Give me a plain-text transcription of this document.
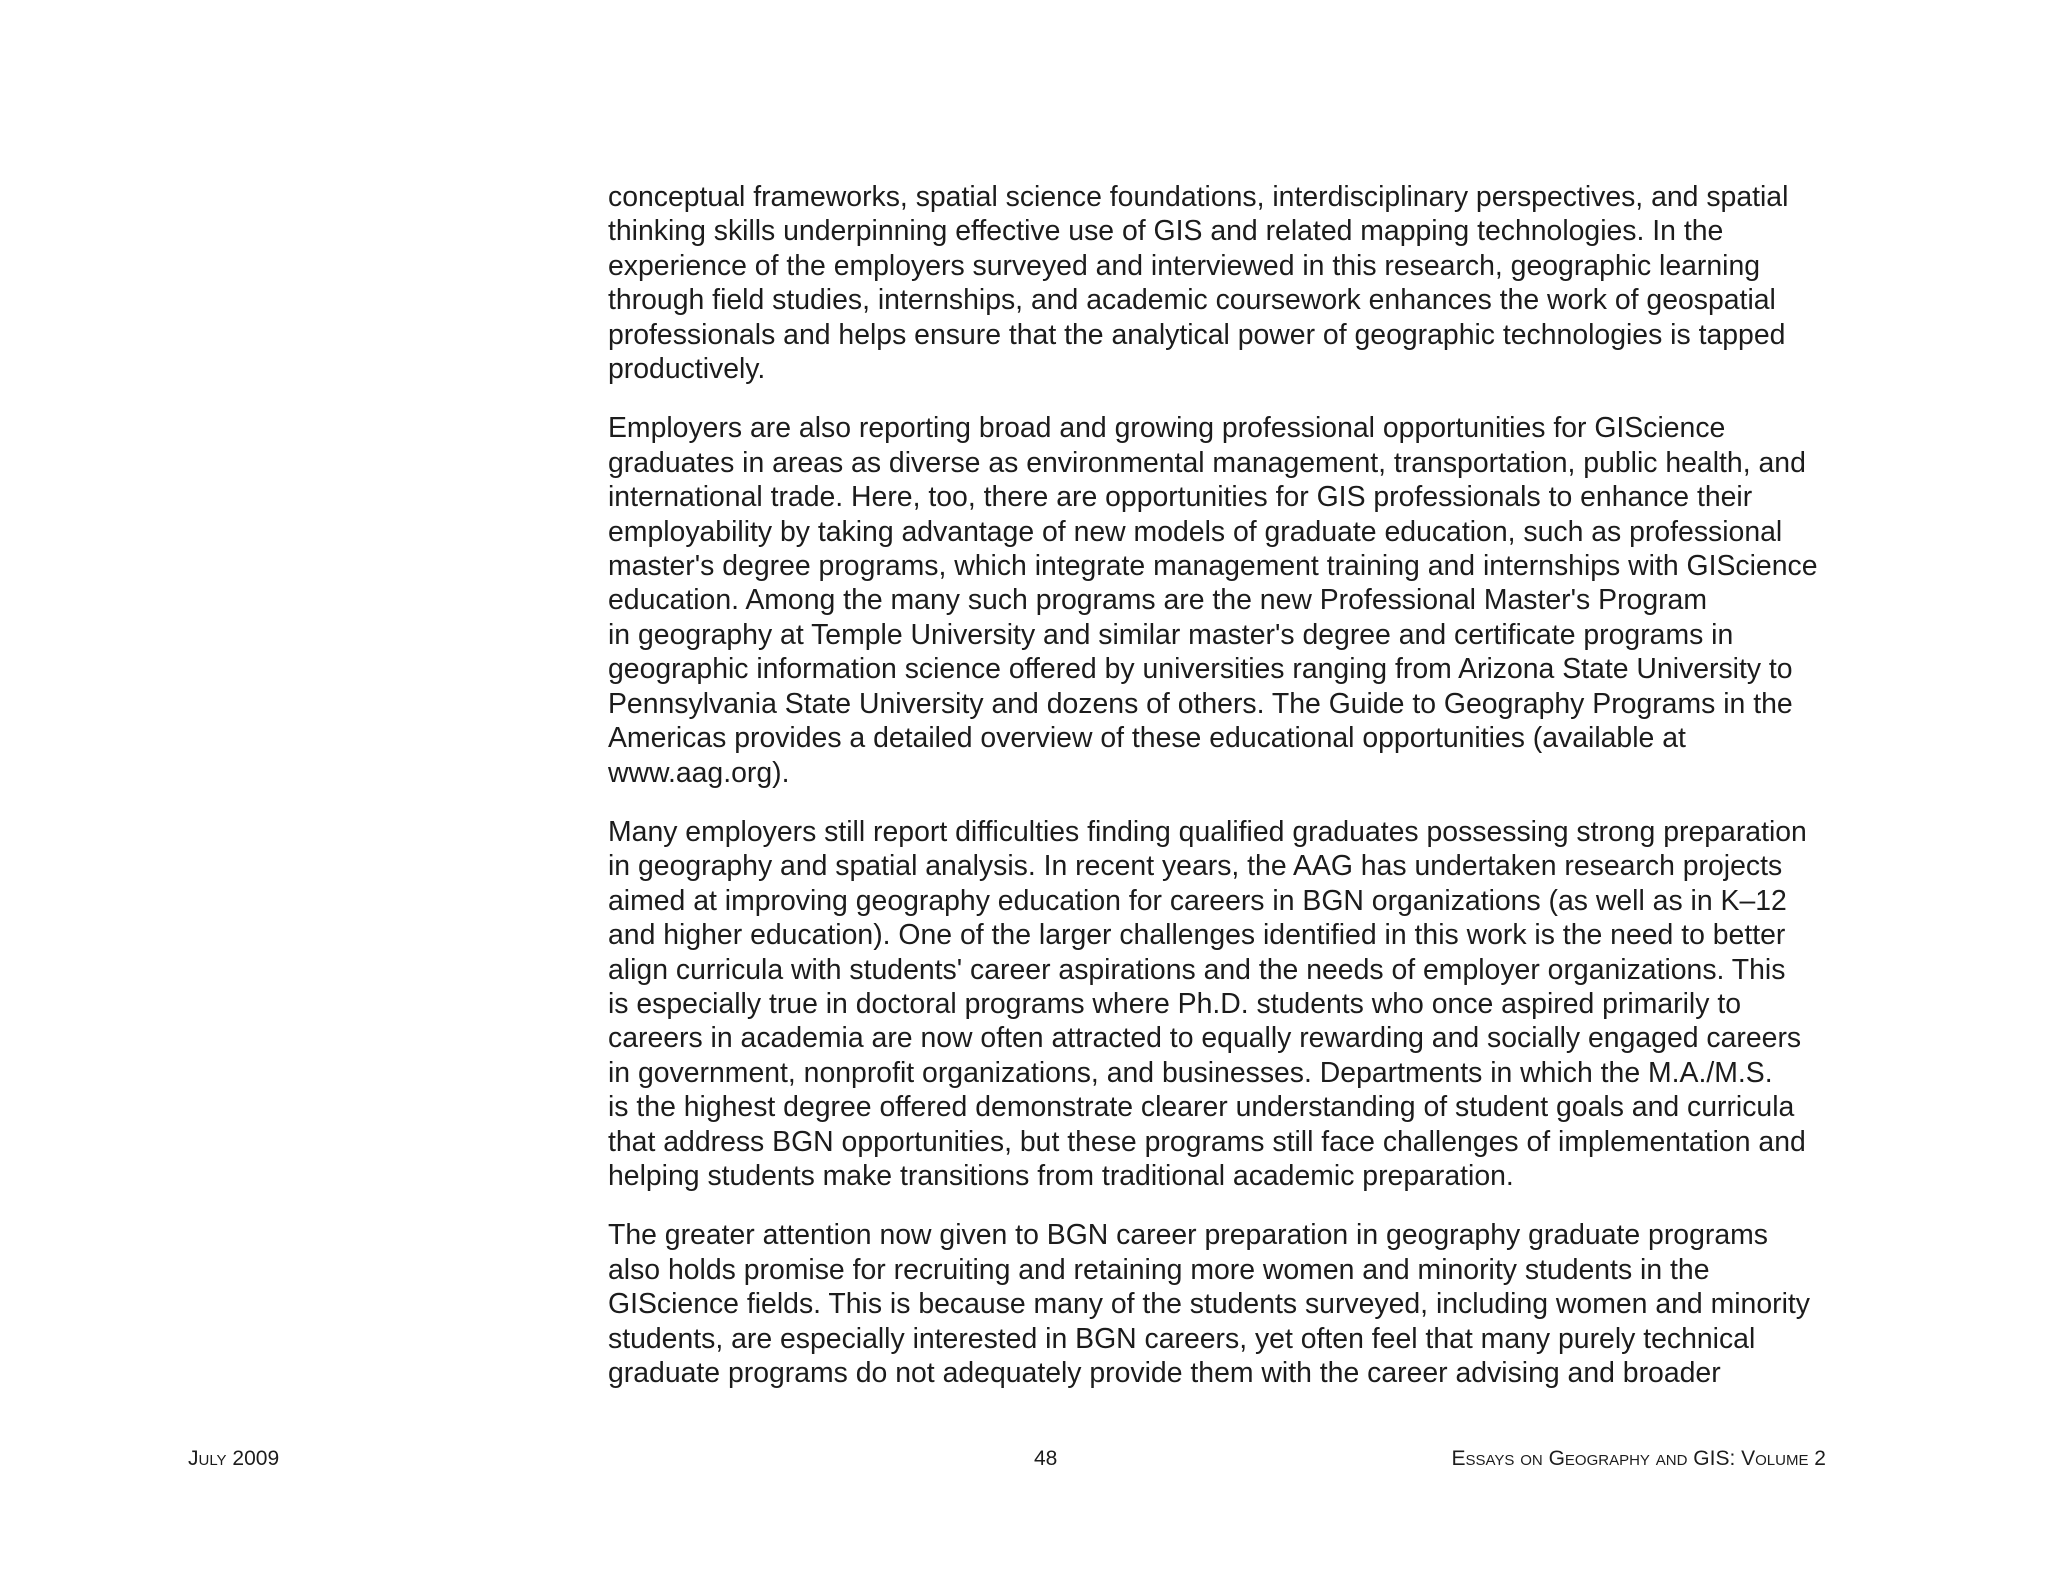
conceptual frameworks, spatial science foundations, interdisciplinary perspectives, and spatial
thinking skills underpinning effective use of GIS and related mapping technologies. In the
experience of the employers surveyed and interviewed in this research, geographic learning
through field studies, internships, and academic coursework enhances the work of geospatial
professionals and helps ensure that the analytical power of geographic technologies is tapped
productively.

Employers are also reporting broad and growing professional opportunities for GIScience
graduates in areas as diverse as environmental management, transportation, public health, and
international trade. Here, too, there are opportunities for GIS professionals to enhance their
employability by taking advantage of new models of graduate education, such as professional
master's degree programs, which integrate management training and internships with GIScience
education. Among the many such programs are the new Professional Master's Program
in geography at Temple University and similar master's degree and certificate programs in
geographic information science offered by universities ranging from Arizona State University to
Pennsylvania State University and dozens of others. The Guide to Geography Programs in the
Americas provides a detailed overview of these educational opportunities (available at
www.aag.org).

Many employers still report difficulties finding qualified graduates possessing strong preparation
in geography and spatial analysis. In recent years, the AAG has undertaken research projects
aimed at improving geography education for careers in BGN organizations (as well as in K–12
and higher education). One of the larger challenges identified in this work is the need to better
align curricula with students' career aspirations and the needs of employer organizations. This
is especially true in doctoral programs where Ph.D. students who once aspired primarily to
careers in academia are now often attracted to equally rewarding and socially engaged careers
in government, nonprofit organizations, and businesses. Departments in which the M.A./M.S.
is the highest degree offered demonstrate clearer understanding of student goals and curricula
that address BGN opportunities, but these programs still face challenges of implementation and
helping students make transitions from traditional academic preparation.

The greater attention now given to BGN career preparation in geography graduate programs
also holds promise for recruiting and retaining more women and minority students in the
GIScience fields. This is because many of the students surveyed, including women and minority
students, are especially interested in BGN careers, yet often feel that many purely technical
graduate programs do not adequately provide them with the career advising and broader

July 2009	48	Essays on Geography and GIS: Volume 2
